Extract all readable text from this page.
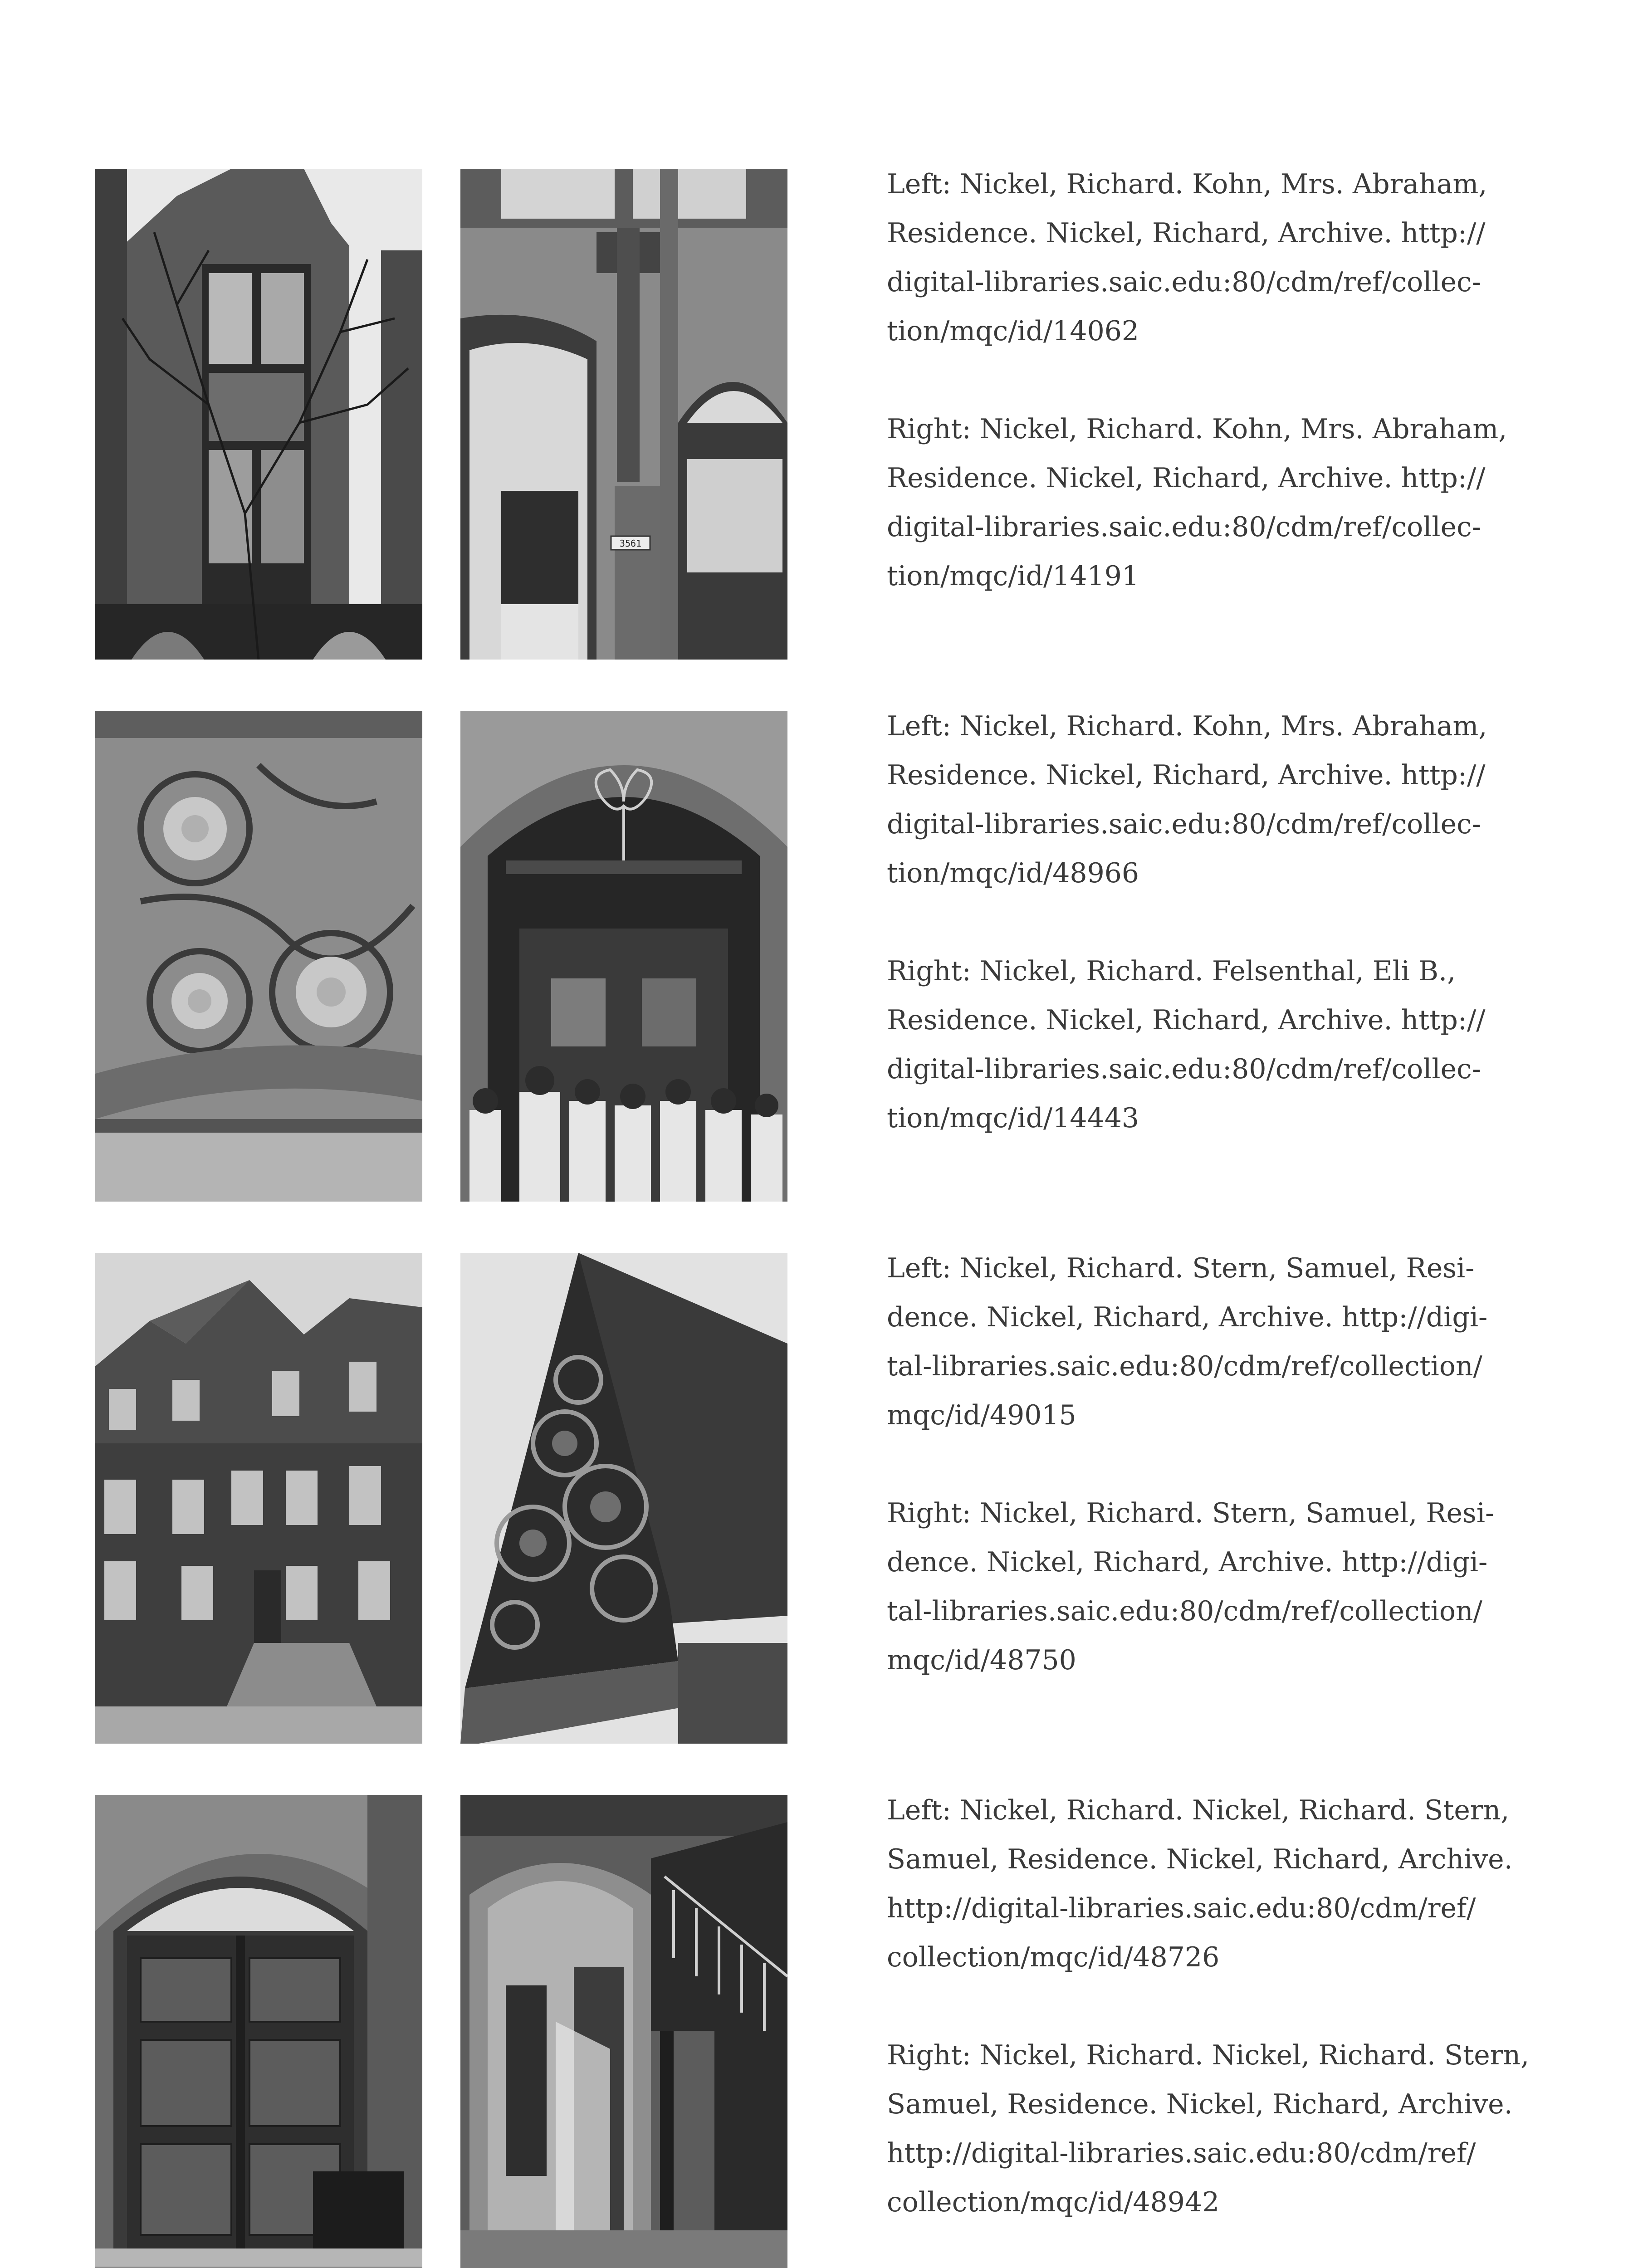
3561

Left: Nickel, Richard. Kohn, Mrs. Abraham,
Residence. Nickel, Richard, Archive. http://
digital-libraries.saic.edu:80/cdm/ref/collec-
tion/mqc/id/14062

Right: Nickel, Richard. Kohn, Mrs. Abraham,
Residence. Nickel, Richard, Archive. http://
digital-libraries.saic.edu:80/cdm/ref/collec-
tion/mqc/id/14191

Left: Nickel, Richard. Kohn, Mrs. Abraham,
Residence. Nickel, Richard, Archive. http://
digital-libraries.saic.edu:80/cdm/ref/collec-
tion/mqc/id/48966

Right: Nickel, Richard. Felsenthal, Eli B.,
Residence. Nickel, Richard, Archive. http://
digital-libraries.saic.edu:80/cdm/ref/collec-
tion/mqc/id/14443

Left: Nickel, Richard. Stern, Samuel, Resi-
dence. Nickel, Richard, Archive. http://digi-
tal-libraries.saic.edu:80/cdm/ref/collection/
mqc/id/49015

Right: Nickel, Richard. Stern, Samuel, Resi-
dence. Nickel, Richard, Archive. http://digi-
tal-libraries.saic.edu:80/cdm/ref/collection/
mqc/id/48750

Left: Nickel, Richard. Nickel, Richard. Stern,
Samuel, Residence. Nickel, Richard, Archive.
http://digital-libraries.saic.edu:80/cdm/ref/
collection/mqc/id/48726

Right: Nickel, Richard. Nickel, Richard. Stern,
Samuel, Residence. Nickel, Richard, Archive.
http://digital-libraries.saic.edu:80/cdm/ref/
collection/mqc/id/48942
